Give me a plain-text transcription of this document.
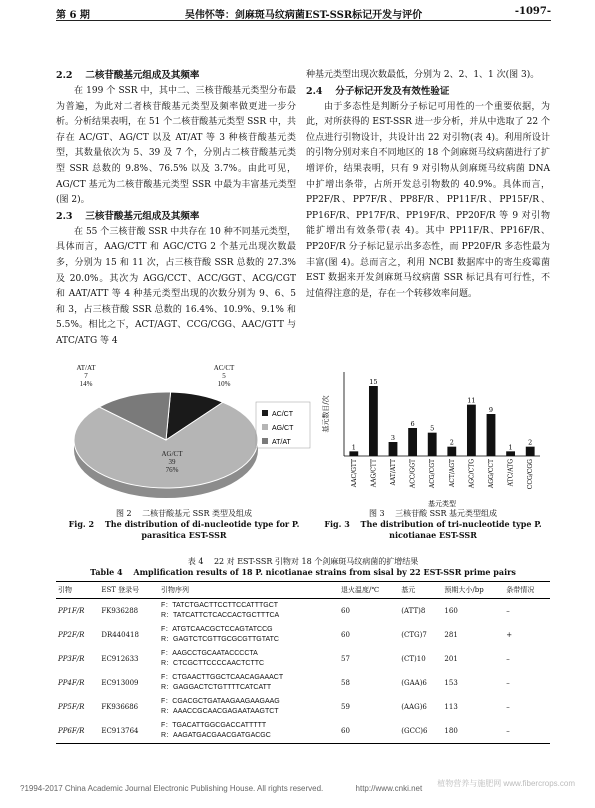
第 6 期	吴伟怀等：剑麻斑马纹病菌EST-SSR标记开发与评价	-1097-
2.2 　二核苷酸基元组成及其频率

在 199 个 SSR 中，其中二、三核苷酸基元类型分布最为普遍，为此对二者核苷酸基元类型及频率做更进一步分析。分析结果表明，在 51 个二核苷酸基元类型 SSR 中，共存在 AC/GT、AG/CT 以及 AT/AT 等 3 种核苷酸基元类型，其数量依次为 5、39 及 7 个，分别占二核苷酸基元类型 SSR 总数的 9.8%、76.5% 以及 3.7%。由此可见，AG/CT 基元为二核苷酸基元类型 SSR 中最为丰富基元类型(图 2)。

2.3 　三核苷酸基元组成及其频率

在 55 个三核苷酸 SSR 中共存在 10 种不同基元类型，具体而言，AAG/CTT 和 AGC/CTG 2 个基元出现次数最多，分别为 15 和 11 次，占三核苷酸 SSR 总数的 27.3% 及 20.0%。其次为 AGG/CCT、ACC/GGT、ACG/CGT 和 AAT/ATT 等 4 种基元类型出现的次数分别为 9、6、5 和 3，占三核苷酸 SSR 总数的 16.4%、10.9%、9.1% 和 5.5%。相比之下，ACT/AGT、CCG/CGG、AAC/GTT 与 ATC/ATG 等 4

种基元类型出现次数最低，分别为 2、2、1、1 次(图 3)。

2.4 　分子标记开发及有效性验证

由于多态性是判断分子标记可用性的一个重要依据，为此，对所获得的 EST-SSR 进一步分析，并从中选取了 22 个位点进行引物设计，共设计出 22 对引物(表 4)。利用所设计的引物分别对来自不同地区的 18 个剑麻斑马纹病菌进行了扩增评价，结果表明，只有 9 对引物从剑麻斑马纹病菌 DNA 中扩增出条带，占所开发总引物数的 40.9%。具体而言，PP2F/R、PP7F/R、PP8F/R、PP11F/R、PP15F/R、PP16F/R、PP17F/R、PP19F/R、PP20F/R 等 9 对引物能扩增出有效条带(表 4)。其中 PP11F/R、PP16F/R、PP20F/R 分子标记显示出多态性，而 PP20F/R 多态性最为丰富(图 4)。总而言之，利用 NCBI 数据库中的寄生疫霉菌 EST 数据来开发剑麻斑马纹病菌 SSR 标记具有可行性，不过值得注意的是，存在一个转移效率问题。

AC/CT 5 10%
AG/CT 39 76%
AT/AT 7 14%
AC/CT
AG/CT
AT/AT
图 2 　二核苷酸基元 SSR 类型及组成
Fig. 2 　The distribution of di-nucleotide type for P. parasitica EST-SSR
基元数目/次
1
AAC/GTT
15
AAG/CTT
3
AAT/ATT
6
ACC/GGT
5
ACG/CGT
2
ACT/AGT
11
AGC/CTG
9
AGG/CCT
1
ATC/ATG
2
CCG/CGG
基元类型
图 3 　三核苷酸 SSR 基元类型组成
Fig. 3 　The distribution of tri-nucleotide type P. nicotianae EST-SSR
表 4 　22 对 EST-SSR 引物对 18 个剑麻斑马纹病菌的扩增结果
Table 4 　Amplification results of 18 P. nicotianae strains from sisal by 22 EST-SSR prime pairs
引物	EST 登录号	引物序列	退火温度/℃	基元	预期大小/bp	条带情况
PP1F/R	FK936288	F：TATCTGACTTCCTTCCATTTGCT
R：TATCATTCTCACCACTGCTTTCA	60	(ATT)8	160	–
PP2F/R	DR440418	F：ATGTCAACGCTCCAGTATCCG
R：GAGTCTCGTTGCGCGTTGTATC	60	(CTG)7	281	+
PP3F/R	EC912633	F：AAGCCTGCAATACCCCTA
R：CTCGCTTCCCCAACTCTTC	57	(CT)10	201	–
PP4F/R	EC913009	F：CTGAACTTGGCTCAACAGAAACT
R：GAGGACTCTGTTTTCATCATT	58	(GAA)6	153	–
PP5F/R	FK936686	F：CGACGCTGATAAGAAGAAGAAG
R：AAACCGCAACGAGAATAAGTCT	59	(AAG)6	113	–
PP6F/R	EC913764	F：TGACATTGGCGACCATTTTT
R：AAGATGACGAACGATGACGC	60	(GCC)6	180	–
?1994-2017 China Academic Journal Electronic Publishing House. All rights reserved.	http://www.cnki.net
植物营养与施肥网 www.fibercrops.com
